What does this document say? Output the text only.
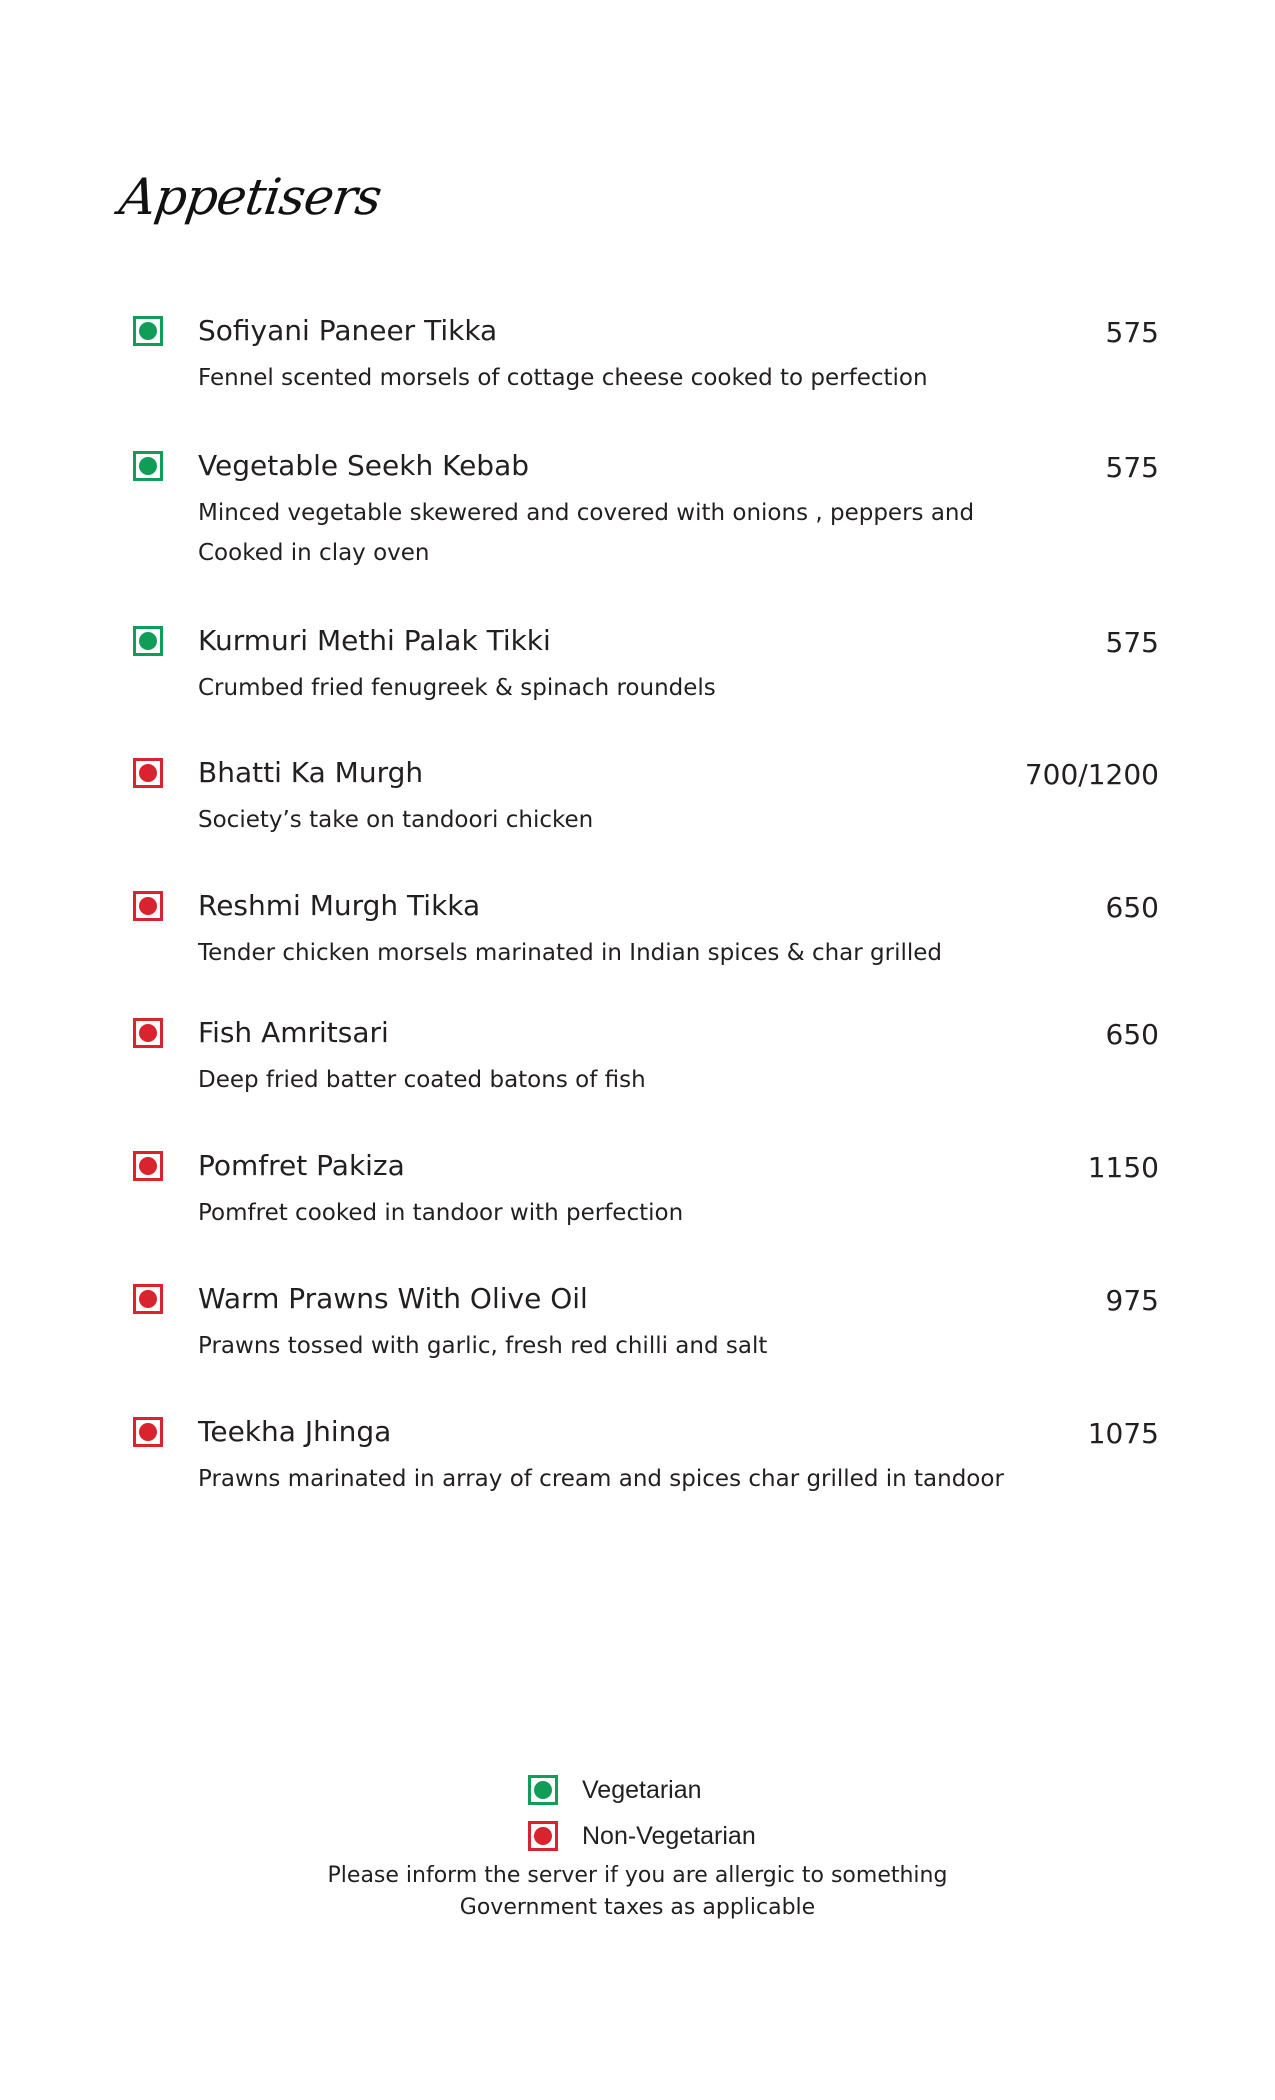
Appetisers
Sofiyani Paneer Tikka	575
Fennel scented morsels of cottage cheese cooked to perfection
Vegetable Seekh Kebab	575
Minced vegetable skewered and covered with onions , peppers and
Cooked in clay oven
Kurmuri Methi Palak Tikki	575
Crumbed fried fenugreek & spinach roundels
Bhatti Ka Murgh	700/1200
Society’s take on tandoori chicken
Reshmi Murgh Tikka	650
Tender chicken morsels marinated in Indian spices & char grilled
Fish Amritsari	650
Deep fried batter coated batons of fish
Pomfret Pakiza	1150
Pomfret cooked in tandoor with perfection
Warm Prawns With Olive Oil	975
Prawns tossed with garlic, fresh red chilli and salt
Teekha Jhinga	1075
Prawns marinated in array of cream and spices char grilled in tandoor
Vegetarian
Non-Vegetarian

Please inform the server if you are allergic to something

Government taxes as applicable
